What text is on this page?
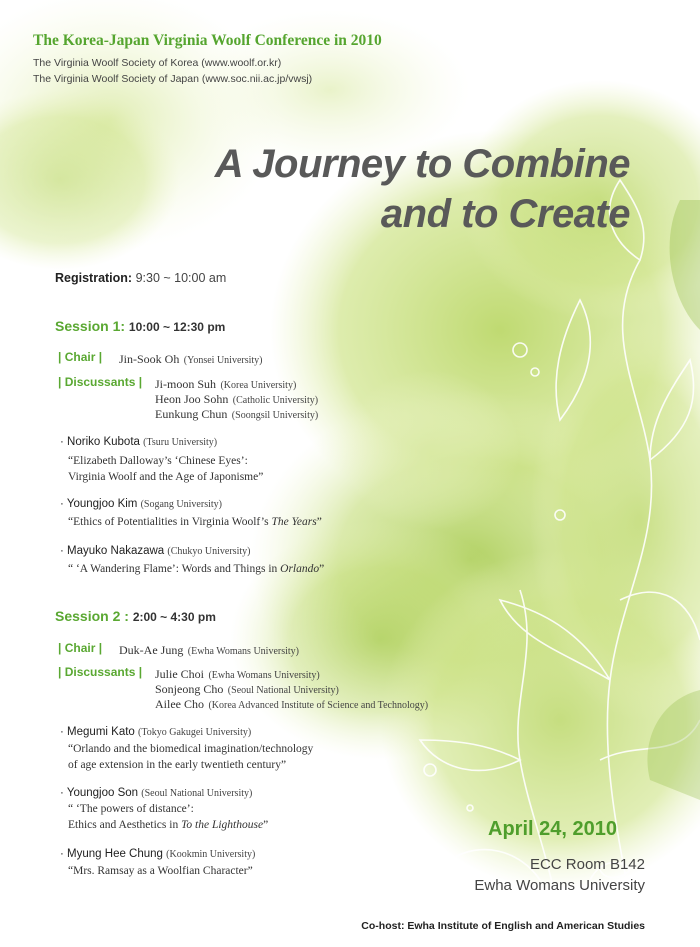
The Korea-Japan Virginia Woolf Conference in 2010
The Virginia Woolf Society of Korea (www.woolf.or.kr)
The Virginia Woolf Society of Japan (www.soc.nii.ac.jp/vwsj)
A Journey to Combine
and to Create
Registration: 9:30 ~ 10:00 am
Session 1: 10:00 ~ 12:30 pm
| Chair | Jin-Sook Oh (Yonsei University)
| Discussants | Ji-moon Suh (Korea University)
Heon Joo Sohn (Catholic University)
Eunkung Chun (Soongsil University)
· Noriko Kubota (Tsuru University)
“Elizabeth Dalloway’s ‘Chinese Eyes’:
Virginia Woolf and the Age of Japonisme”
· Youngjoo Kim (Sogang University)
“Ethics of Potentialities in Virginia Woolf’s The Years”
· Mayuko Nakazawa (Chukyo University)
“ ‘A Wandering Flame’: Words and Things in Orlando”
Session 2 : 2:00 ~ 4:30 pm
| Chair | Duk-Ae Jung (Ewha Womans University)
| Discussants | Julie Choi (Ewha Womans University)
Sonjeong Cho (Seoul National University)
Ailee Cho (Korea Advanced Institute of Science and Technology)
· Megumi Kato (Tokyo Gakugei University)
“Orlando and the biomedical imagination/technology
of age extension in the early twentieth century”
· Youngjoo Son (Seoul National University)
“ ‘The powers of distance’:
Ethics and Aesthetics in To the Lighthouse”
· Myung Hee Chung (Kookmin University)
“Mrs. Ramsay as a Woolfian Character”
April 24, 2010
ECC Room B142
Ewha Womans University
Co-host: Ewha Institute of English and American Studies
